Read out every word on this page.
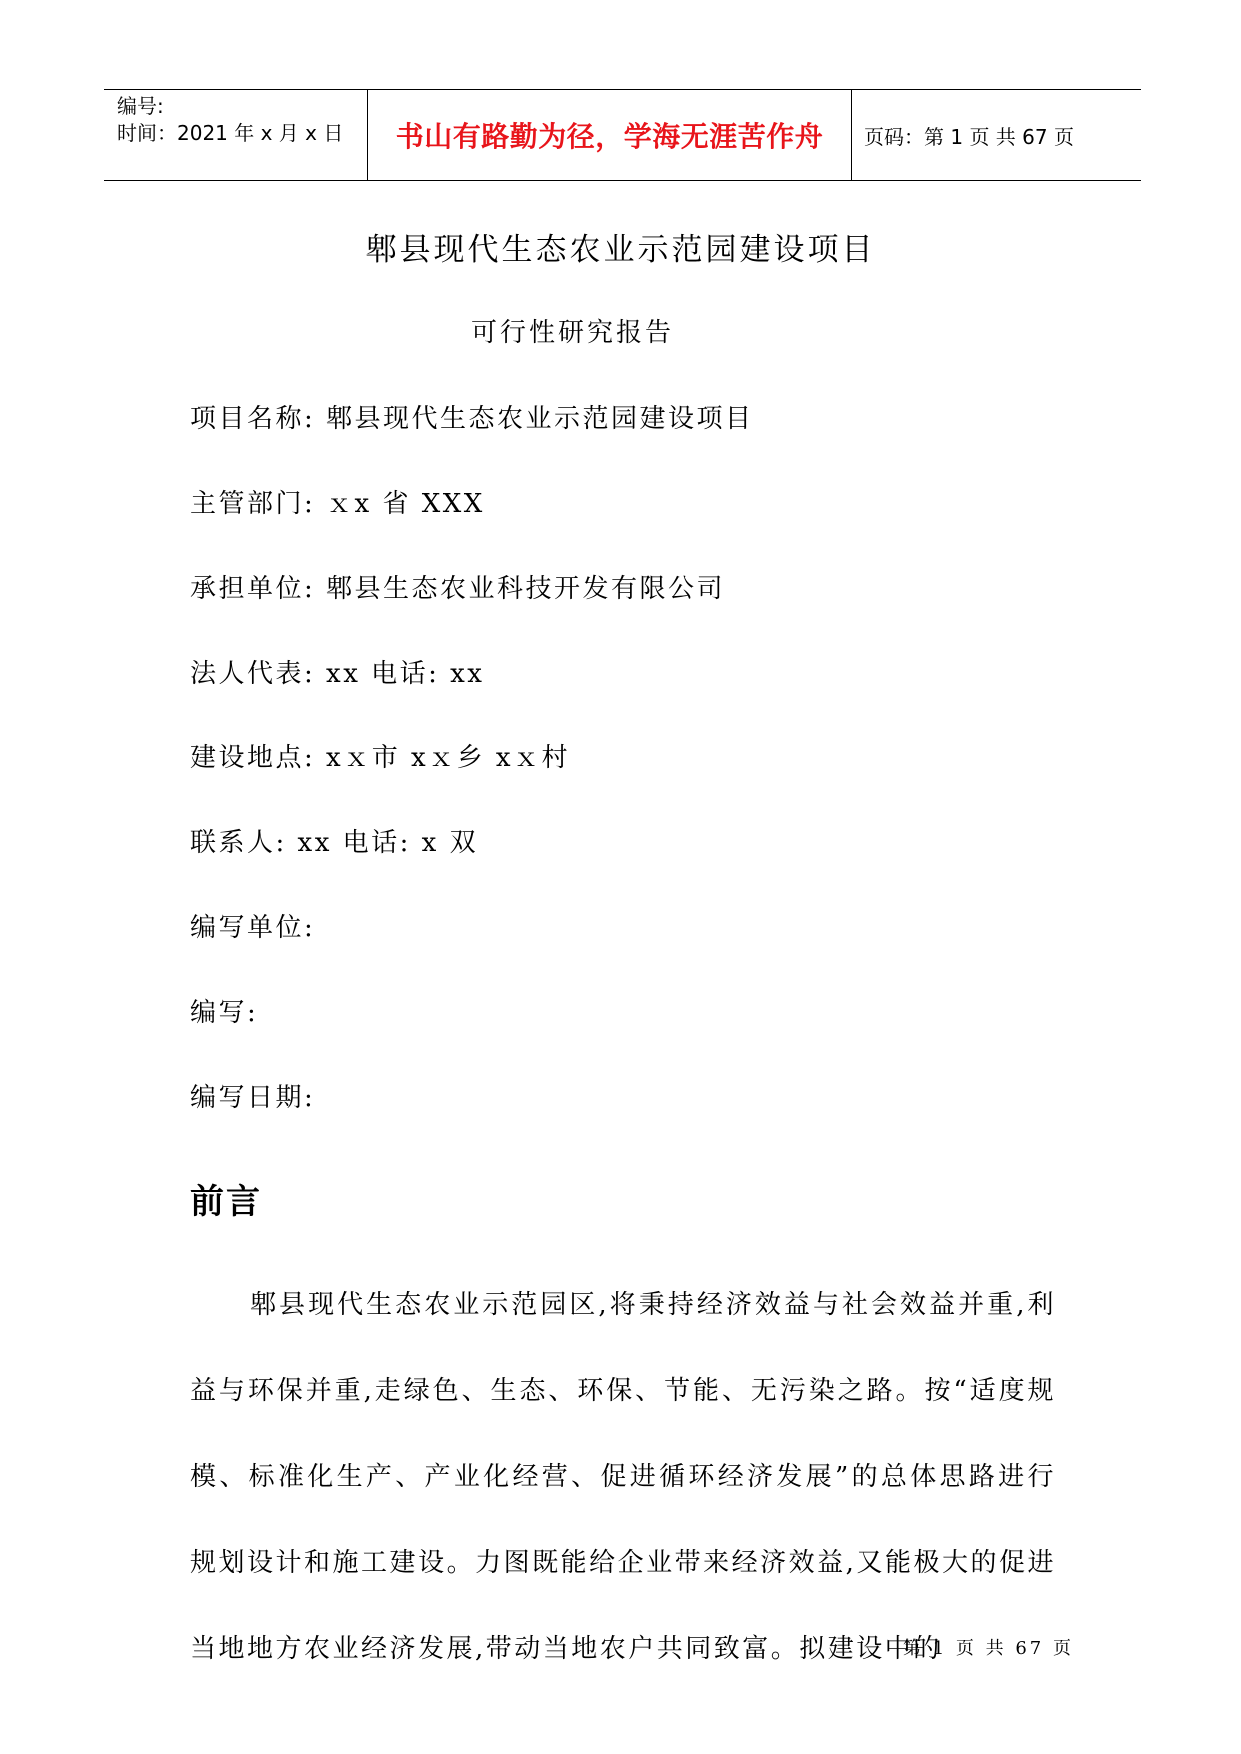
编号:
时间：2021 年 x 月 x 日	书山有路勤为径，学海无涯苦作舟 页码：第 1 页 共 67 页
郫县现代生态农业示范园建设项目
可行性研究报告
项目名称: 郫县现代生态农业示范园建设项目
主管部门: ｘx 省 XXX
承担单位: 郫县生态农业科技开发有限公司
法人代表: xx 电话: xx
建设地点: xｘ市 xｘ乡 xｘ村
联系人: xx 电话: x 双
编写单位:
编写:
编写日期:
前言

郫县现代生态农业示范园区,将秉持经济效益与社会效益并重,利益与环保并重,走绿色、生态、环保、节能、无污染之路。按“适度规模、标准化生产、产业化经营、促进循环经济发展”的总体思路进行规划设计和施工建设。力图既能给企业带来经济效益,又能极大的促进当地地方农业经济发展,带动当地农户共同致富。拟建设中的

第 1 页 共 67 页
